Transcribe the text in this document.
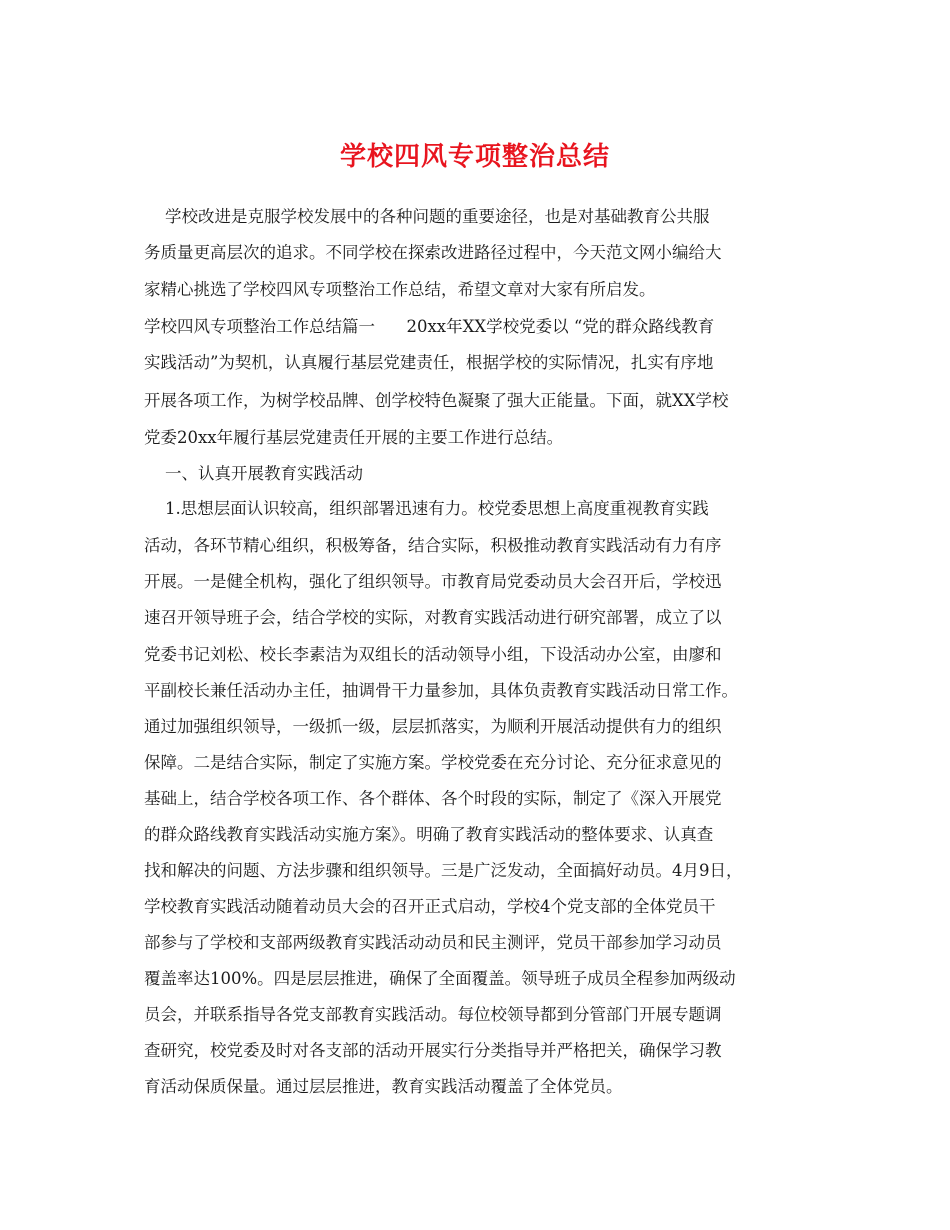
学校四风专项整治总结

学校改进是克服学校发展中的各种问题的重要途径，也是对基础教育公共服

务质量更高层次的追求。不同学校在探索改进路径过程中，今天范文网小编给大

家精心挑选了学校四风专项整治工作总结，希望文章对大家有所启发。

学校四风专项整治工作总结篇一      20xx年XX学校党委以 “党的群众路线教育

实践活动”为契机，认真履行基层党建责任，根据学校的实际情况，扎实有序地

开展各项工作，为树学校品牌、创学校特色凝聚了强大正能量。下面，就XX学校

党委20xx年履行基层党建责任开展的主要工作进行总结。

一、认真开展教育实践活动

1.思想层面认识较高，组织部署迅速有力。校党委思想上高度重视教育实践

活动，各环节精心组织，积极筹备，结合实际，积极推动教育实践活动有力有序

开展。一是健全机构，强化了组织领导。市教育局党委动员大会召开后，学校迅

速召开领导班子会，结合学校的实际，对教育实践活动进行研究部署，成立了以

党委书记刘松、校长李素洁为双组长的活动领导小组，下设活动办公室，由廖和

平副校长兼任活动办主任，抽调骨干力量参加，具体负责教育实践活动日常工作。

通过加强组织领导，一级抓一级，层层抓落实，为顺利开展活动提供有力的组织

保障。二是结合实际，制定了实施方案。学校党委在充分讨论、充分征求意见的

基础上，结合学校各项工作、各个群体、各个时段的实际，制定了《深入开展党

的群众路线教育实践活动实施方案》。明确了教育实践活动的整体要求、认真查

找和解决的问题、方法步骤和组织领导。三是广泛发动，全面搞好动员。4月9日，

学校教育实践活动随着动员大会的召开正式启动，学校4个党支部的全体党员干

部参与了学校和支部两级教育实践活动动员和民主测评，党员干部参加学习动员

覆盖率达100%。四是层层推进，确保了全面覆盖。领导班子成员全程参加两级动

员会，并联系指导各党支部教育实践活动。每位校领导都到分管部门开展专题调

查研究，校党委及时对各支部的活动开展实行分类指导并严格把关，确保学习教

育活动保质保量。通过层层推进，教育实践活动覆盖了全体党员。
